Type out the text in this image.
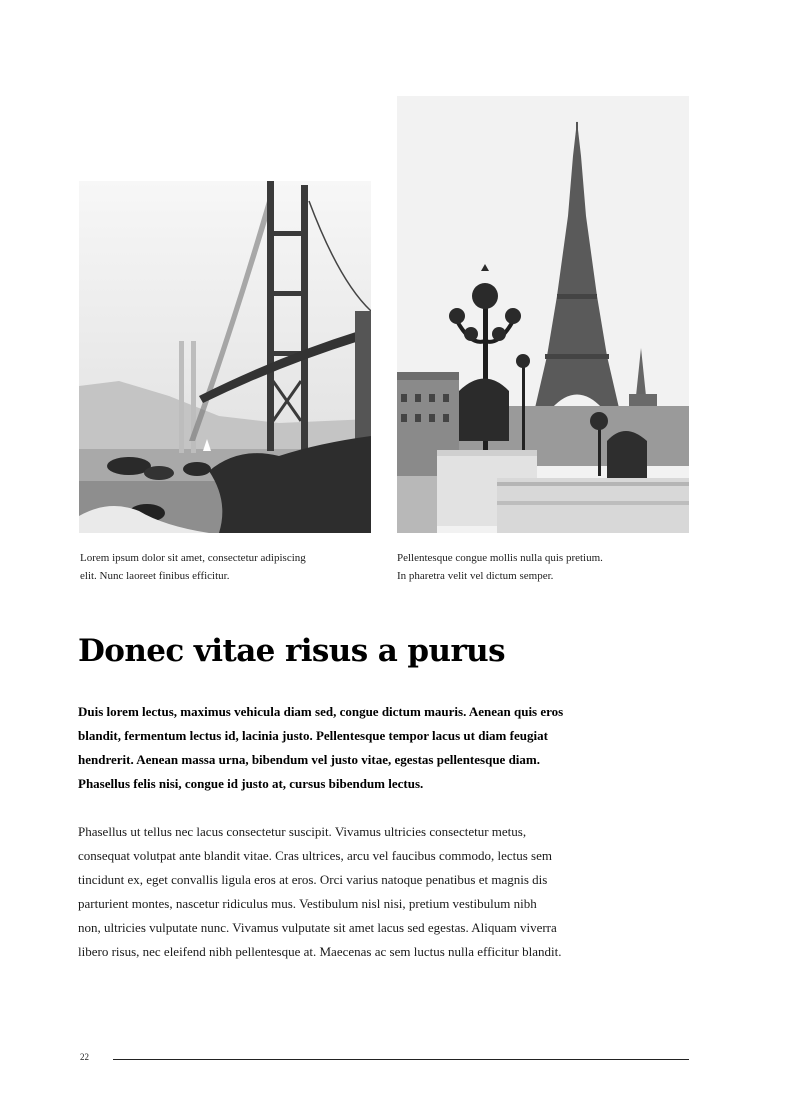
Lorem ipsum dolor sit amet, consectetur adipiscing
elit. Nunc laoreet finibus efficitur.
Pellentesque congue mollis nulla quis pretium.
In pharetra velit vel dictum semper.
Donec vitae risus a purus
Duis lorem lectus, maximus vehicula diam sed, congue dictum mauris. Aenean quis eros
blandit, fermentum lectus id, lacinia justo. Pellentesque tempor lacus ut diam feugiat
hendrerit. Aenean massa urna, bibendum vel justo vitae, egestas pellentesque diam.
Phasellus felis nisi, congue id justo at, cursus bibendum lectus.
Phasellus ut tellus nec lacus consectetur suscipit. Vivamus ultricies consectetur metus,
consequat volutpat ante blandit vitae. Cras ultrices, arcu vel faucibus commodo, lectus sem
tincidunt ex, eget convallis ligula eros at eros. Orci varius natoque penatibus et magnis dis
parturient montes, nascetur ridiculus mus. Vestibulum nisl nisi, pretium vestibulum nibh
non, ultricies vulputate nunc. Vivamus vulputate sit amet lacus sed egestas. Aliquam viverra
libero risus, nec eleifend nibh pellentesque at. Maecenas ac sem luctus nulla efficitur blandit.
22
